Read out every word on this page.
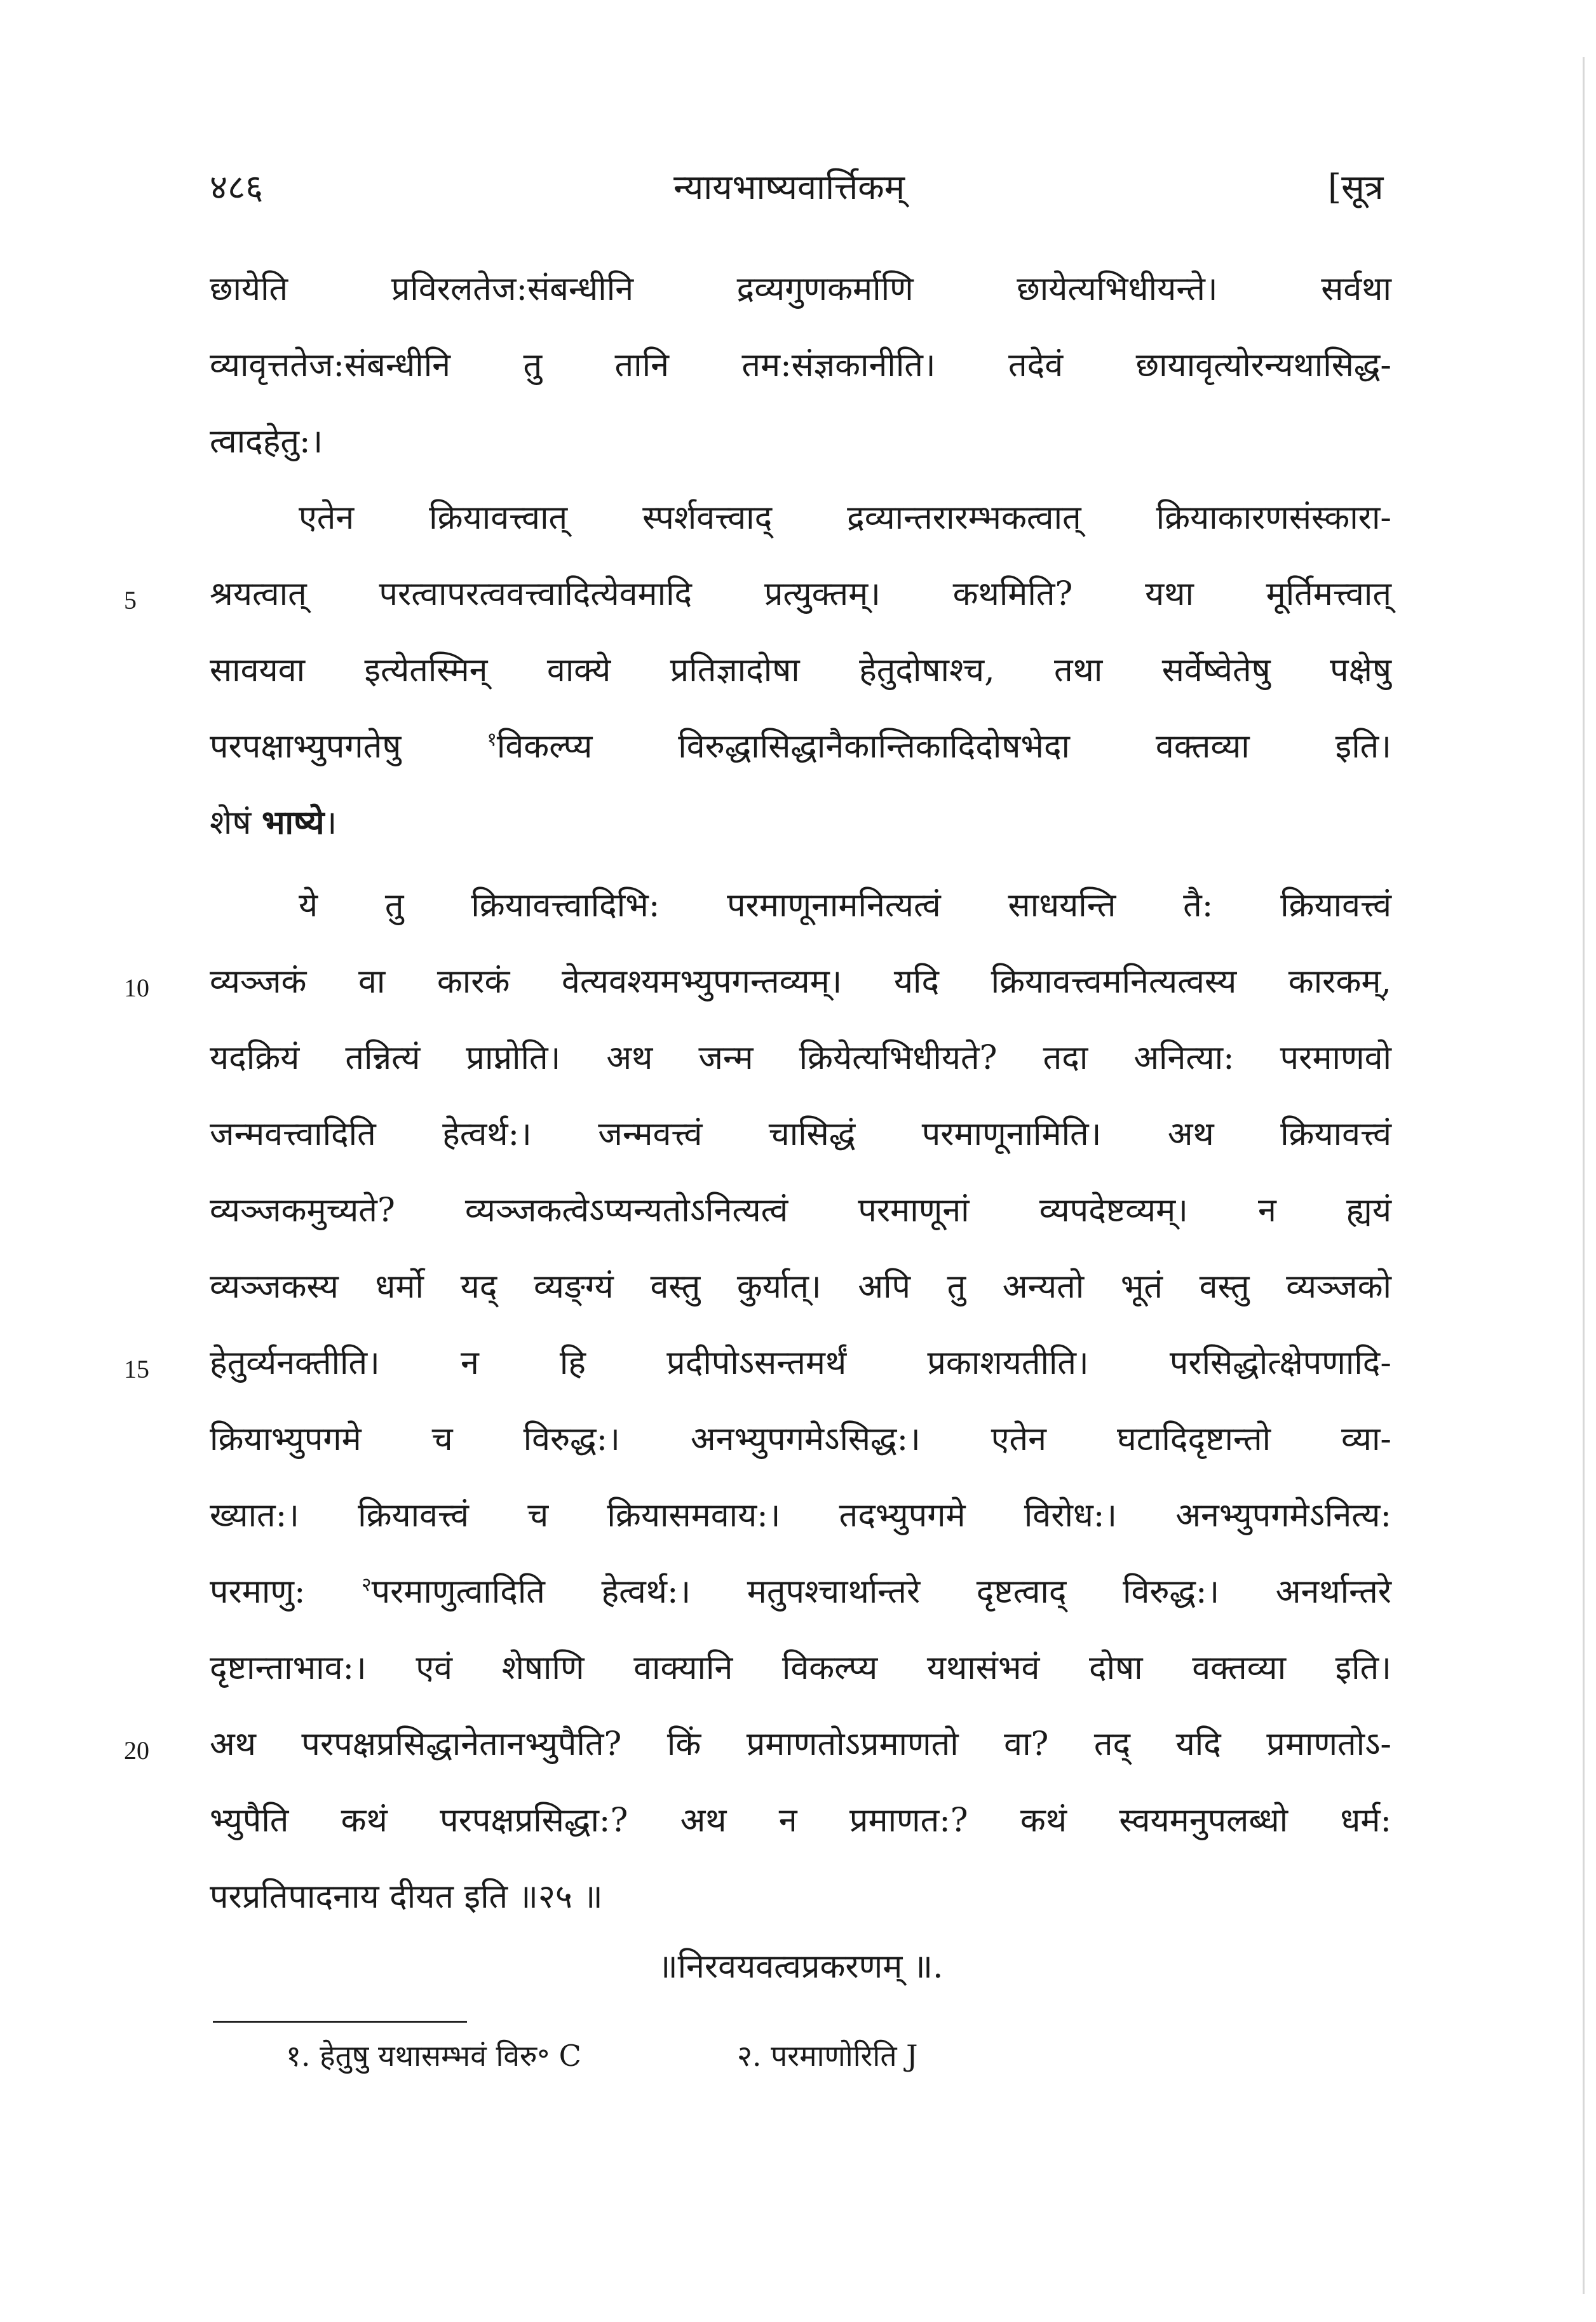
४८६	न्यायभाष्यवार्त्तिकम्	[सूत्र
छायेति प्रविरलतेज:संबन्धीनि द्रव्यगुणकर्माणि छायेत्यभिधीयन्ते। सर्वथा
व्यावृत्ततेज:संबन्धीनि तु तानि तम:संज्ञकानीति। तदेवं छायावृत्योरन्यथासिद्ध-
त्वादहेतु:।
एतेन क्रियावत्त्वात् स्पर्शवत्त्वाद् द्रव्यान्तरारम्भकत्वात् क्रियाकारणसंस्कारा-
5	श्रयत्वात् परत्वापरत्ववत्त्वादित्येवमादि प्रत्युक्तम्। कथमिति? यथा मूर्तिमत्त्वात्
सावयवा इत्येतस्मिन् वाक्ये प्रतिज्ञादोषा हेतुदोषाश्च, तथा सर्वेष्वेतेषु पक्षेषु
परपक्षाभ्युपगतेषु	$^१$विकल्प्य विरुद्धासिद्धानैकान्तिकादिदोषभेदा वक्तव्या इति।
शेषं भाष्ये।
ये तु क्रियावत्त्वादिभि: परमाणूनामनित्यत्वं साधयन्ति तै: क्रियावत्त्वं
10	व्यञ्जकं वा कारकं वेत्यवश्यमभ्युपगन्तव्यम्। यदि क्रियावत्त्वमनित्यत्वस्य कारकम्,
यदक्रियं तन्नित्यं प्राप्नोति। अथ जन्म क्रियेत्यभिधीयते? तदा अनित्या: परमाणवो
जन्मवत्त्वादिति हेत्वर्थ:। जन्मवत्त्वं चासिद्धं परमाणूनामिति। अथ क्रियावत्त्वं
व्यञ्जकमुच्यते? व्यञ्जकत्वेऽप्यन्यतोऽनित्यत्वं परमाणूनां व्यपदेष्टव्यम्। न ह्ययं
व्यञ्जकस्य धर्मो यद् व्यङ्ग्यं वस्तु कुर्यात्। अपि तु अन्यतो भूतं वस्तु व्यञ्जको
15	हेतुर्व्यनक्तीति। न हि प्रदीपोऽसन्तमर्थं प्रकाशयतीति। परसिद्धोत्क्षेपणादि-
क्रियाभ्युपगमे च विरुद्ध:। अनभ्युपगमेऽसिद्ध:। एतेन घटादिदृष्टान्तो व्या-
ख्यात:। क्रियावत्त्वं च क्रियासमवाय:। तदभ्युपगमे विरोध:। अनभ्युपगमेऽनित्य:
परमाणु:	$^२$परमाणुत्वादिति हेत्वर्थ:। मतुपश्चार्थान्तरे दृष्टत्वाद् विरुद्ध:। अनर्थान्तरे
दृष्टान्ताभाव:। एवं शेषाणि वाक्यानि विकल्प्य यथासंभवं दोषा वक्तव्या इति।
20	अथ परपक्षप्रसिद्धानेतानभ्युपैति? किं प्रमाणतोऽप्रमाणतो वा? तद् यदि प्रमाणतोऽ-
भ्युपैति कथं परपक्षप्रसिद्धा:? अथ न प्रमाणत:? कथं स्वयमनुपलब्धो धर्म:
परप्रतिपादनाय दीयत इति ॥२५ ॥
॥निरवयवत्वप्रकरणम् ॥.
१. हेतुषु यथासम्भवं विरु॰ C	२. परमाणोरिति J
